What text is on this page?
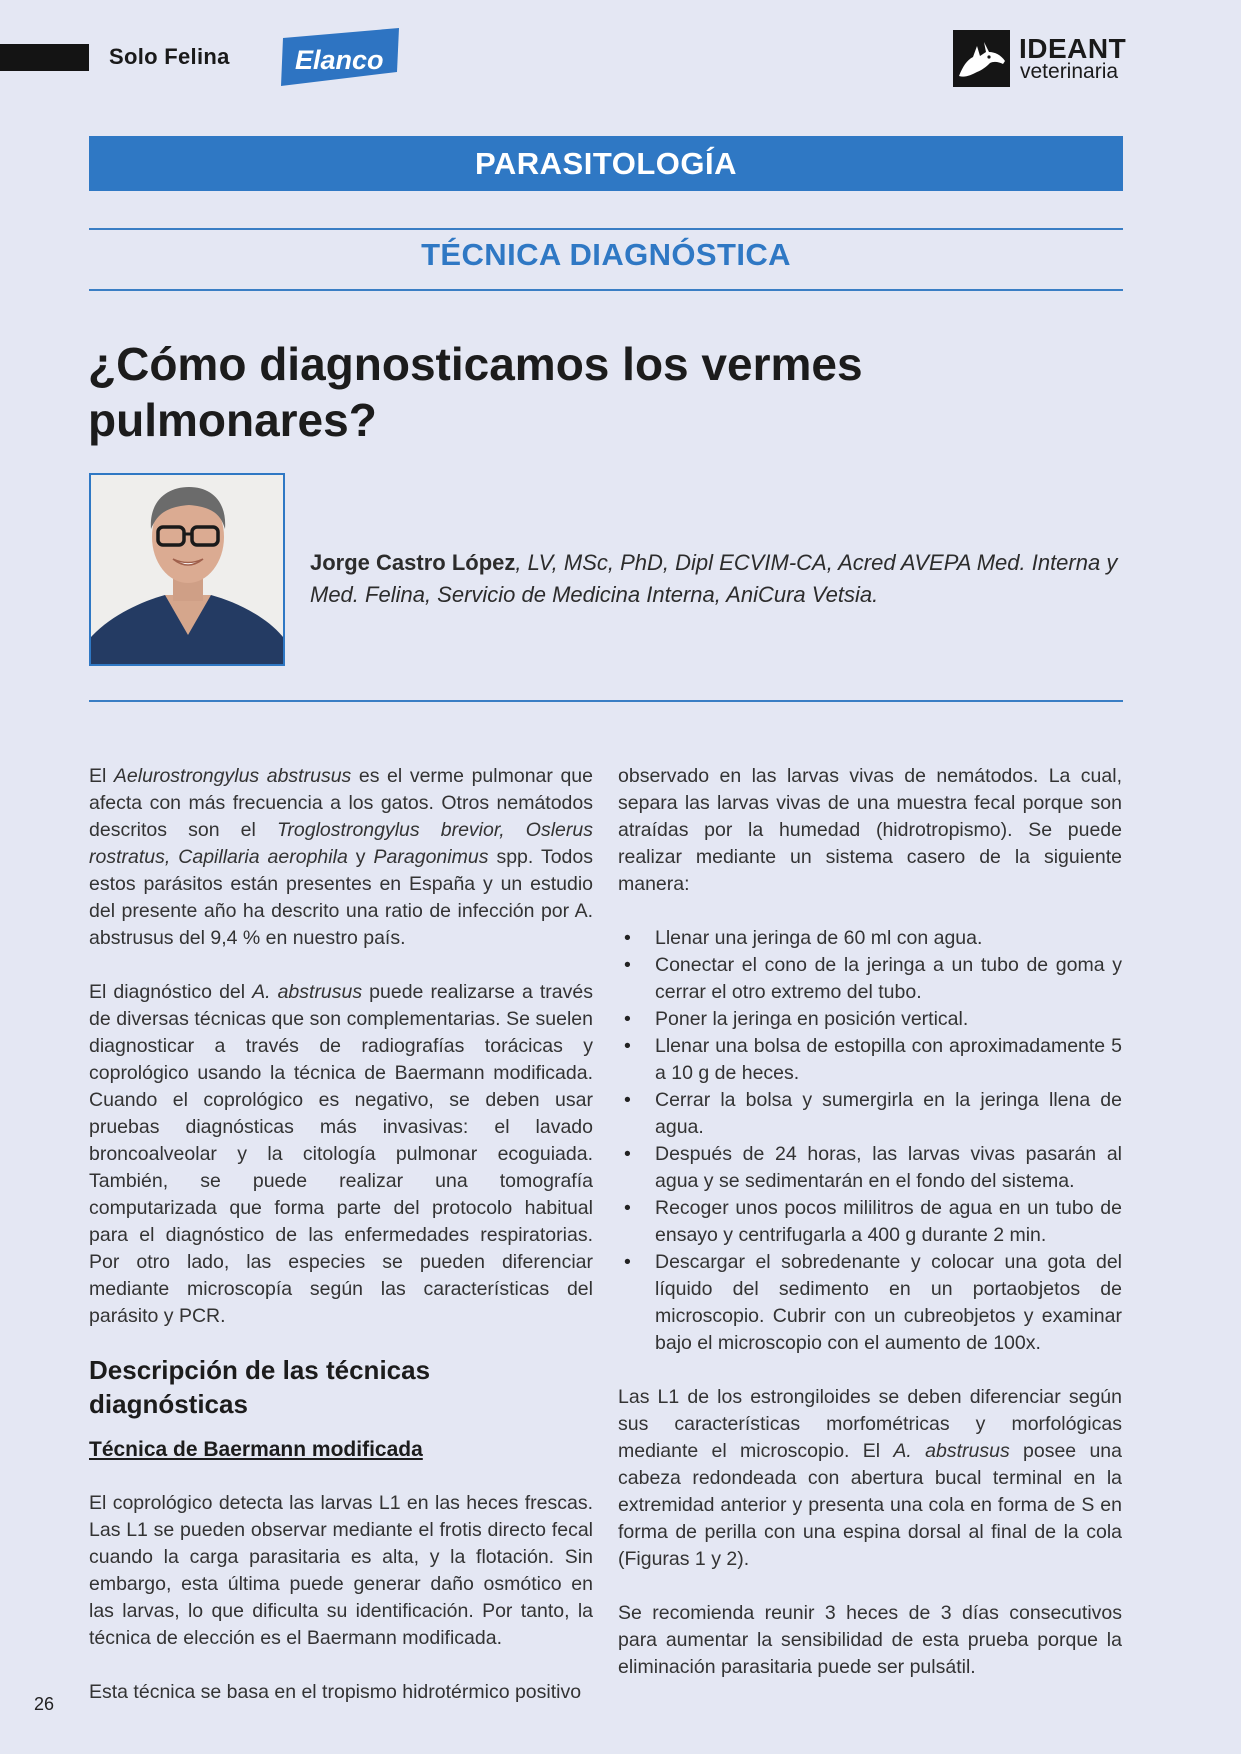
Solo Felina Elanco	IDEANT
veterinaria
PARASITOLOGÍA
TÉCNICA DIAGNÓSTICA
¿Cómo diagnosticamos los vermes pulmonares?
Jorge Castro López, LV, MSc, PhD, Dipl ECVIM-CA, Acred AVEPA Med. Interna y Med. Felina, Servicio de Medicina Interna, AniCura Vetsia.

El Aelurostrongylus abstrusus es el verme pulmonar que afecta con más frecuencia a los gatos. Otros nemátodos descritos son el Troglostrongylus brevior, Oslerus rostratus, Capillaria aerophila y Paragonimus spp. Todos estos parásitos están presentes en España y un estudio del presente año ha descrito una ratio de infección por A. abstrusus del 9,4 % en nuestro país.

El diagnóstico del A. abstrusus puede realizarse a través de diversas técnicas que son complementarias. Se suelen diagnosticar a través de radiografías torácicas y coprológico usando la técnica de Baermann modificada. Cuando el coprológico es negativo, se deben usar pruebas diagnósticas más invasivas: el lavado broncoalveolar y la citología pulmonar ecoguiada. También, se puede realizar una tomografía computarizada que forma parte del protocolo habitual para el diagnóstico de las enfermedades respiratorias. Por otro lado, las especies se pueden diferenciar mediante microscopía según las características del parásito y PCR.

Descripción de las técnicas diagnósticas
Técnica de Baermann modificada

El coprológico detecta las larvas L1 en las heces frescas. Las L1 se pueden observar mediante el frotis directo fecal cuando la carga parasitaria es alta, y la flotación. Sin embargo, esta última puede generar daño osmótico en las larvas, lo que dificulta su identificación. Por tanto, la técnica de elección es el Baermann modificada.

Esta técnica se basa en el tropismo hidrotérmico positivo

observado en las larvas vivas de nemátodos. La cual, separa las larvas vivas de una muestra fecal porque son atraídas por la humedad (hidrotropismo). Se puede realizar mediante un sistema casero de la siguiente manera:

• Llenar una jeringa de 60 ml con agua.
• Conectar el cono de la jeringa a un tubo de goma y cerrar el otro extremo del tubo.
• Poner la jeringa en posición vertical.
• Llenar una bolsa de estopilla con aproximadamente 5 a 10 g de heces.
• Cerrar la bolsa y sumergirla en la jeringa llena de agua.
• Después de 24 horas, las larvas vivas pasarán al agua y se sedimentarán en el fondo del sistema.
• Recoger unos pocos mililitros de agua en un tubo de ensayo y centrifugarla a 400 g durante 2 min.
• Descargar el sobredenante y colocar una gota del líquido del sedimento en un portaobjetos de microscopio. Cubrir con un cubreobjetos y examinar bajo el microscopio con el aumento de 100x.

Las L1 de los estrongiloides se deben diferenciar según sus características morfométricas y morfológicas mediante el microscopio. El A. abstrusus posee una cabeza redondeada con abertura bucal terminal en la extremidad anterior y presenta una cola en forma de S en forma de perilla con una espina dorsal al final de la cola (Figuras 1 y 2).

Se recomienda reunir 3 heces de 3 días consecutivos para aumentar la sensibilidad de esta prueba porque la eliminación parasitaria puede ser pulsátil.

26
